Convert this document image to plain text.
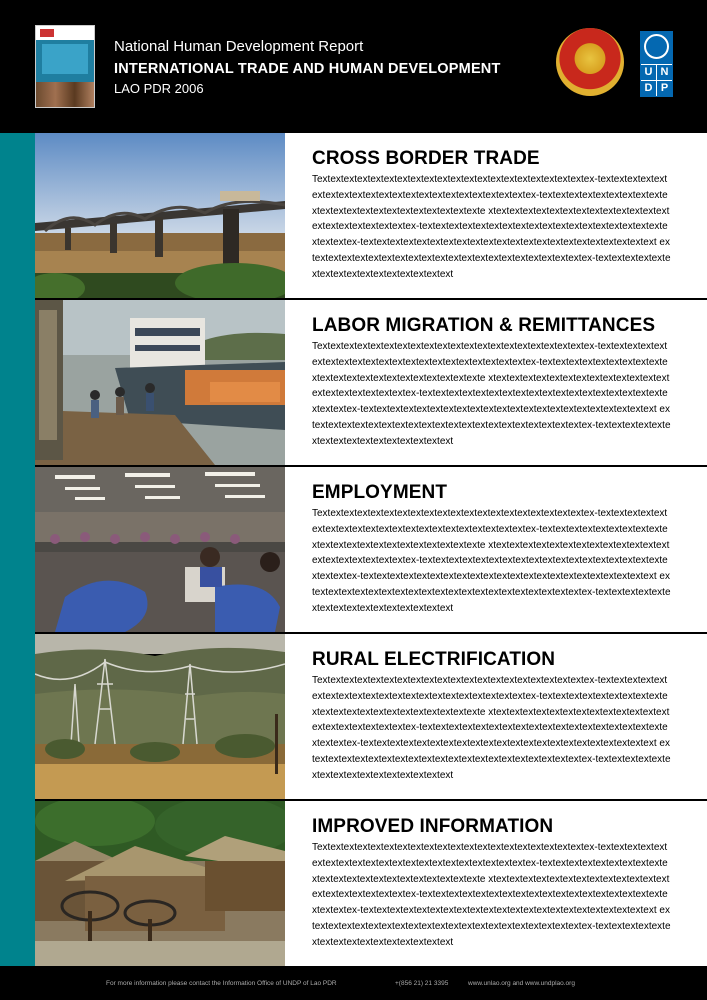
National Human Development Report
INTERNATIONAL TRADE AND HUMAN DEVELOPMENT
LAO PDR 2006
U N
D P
CROSS BORDER TRADE
Textextextextextextextextextextextextextextextextextextextextex-textextextextextextextextextextextextextextextextextextextextextex-textextextextextextextextextextextextextextextextextextextextextexte xtextextextextextextextextextextextextextextextextextextextextex-textextextextextextextextextextextextextextextextextextextextextex-textextextextextextextextextextextextextextextextextextextextextext extextextextextextextextextextextextextextextextextextextextextex-textextextextextextextextextextextextextextextext
LABOR MIGRATION & REMITTANCES
Textextextextextextextextextextextextextextextextextextextextex-textextextextextextextextextextextextextextextextextextextextextex-textextextextextextextextextextextextextextextextextextextextextexte xtextextextextextextextextextextextextextextextextextextextextex-textextextextextextextextextextextextextextextextextextextextextex-textextextextextextextextextextextextextextextextextextextextextext extextextextextextextextextextextextextextextextextextextextextex-textextextextextextextextextextextextextextextext
EMPLOYMENT
Textextextextextextextextextextextextextextextextextextextextex-textextextextextextextextextextextextextextextextextextextextextex-textextextextextextextextextextextextextextextextextextextextextexte xtextextextextextextextextextextextextextextextextextextextextex-textextextextextextextextextextextextextextextextextextextextextex-textextextextextextextextextextextextextextextextextextextextextext extextextextextextextextextextextextextextextextextextextextextex-textextextextextextextextextextextextextextextext
RURAL ELECTRIFICATION
Textextextextextextextextextextextextextextextextextextextextex-textextextextextextextextextextextextextextextextextextextextextex-textextextextextextextextextextextextextextextextextextextextextexte xtextextextextextextextextextextextextextextextextextextextextex-textextextextextextextextextextextextextextextextextextextextextex-textextextextextextextextextextextextextextextextextextextextextext extextextextextextextextextextextextextextextextextextextextextex-textextextextextextextextextextextextextextextext
IMPROVED INFORMATION
Textextextextextextextextextextextextextextextextextextextextex-textextextextextextextextextextextextextextextextextextextextextex-textextextextextextextextextextextextextextextextextextextextextexte xtextextextextextextextextextextextextextextextextextextextextex-textextextextextextextextextextextextextextextextextextextextextex-textextextextextextextextextextextextextextextextextextextextextext extextextextextextextextextextextextextextextextextextextextextex-textextextextextextextextextextextextextextextext
For more information please contact the Information Office of UNDP of Lao PDR	+(856 21) 21 3395	www.unlao.org and www.undplao.org
